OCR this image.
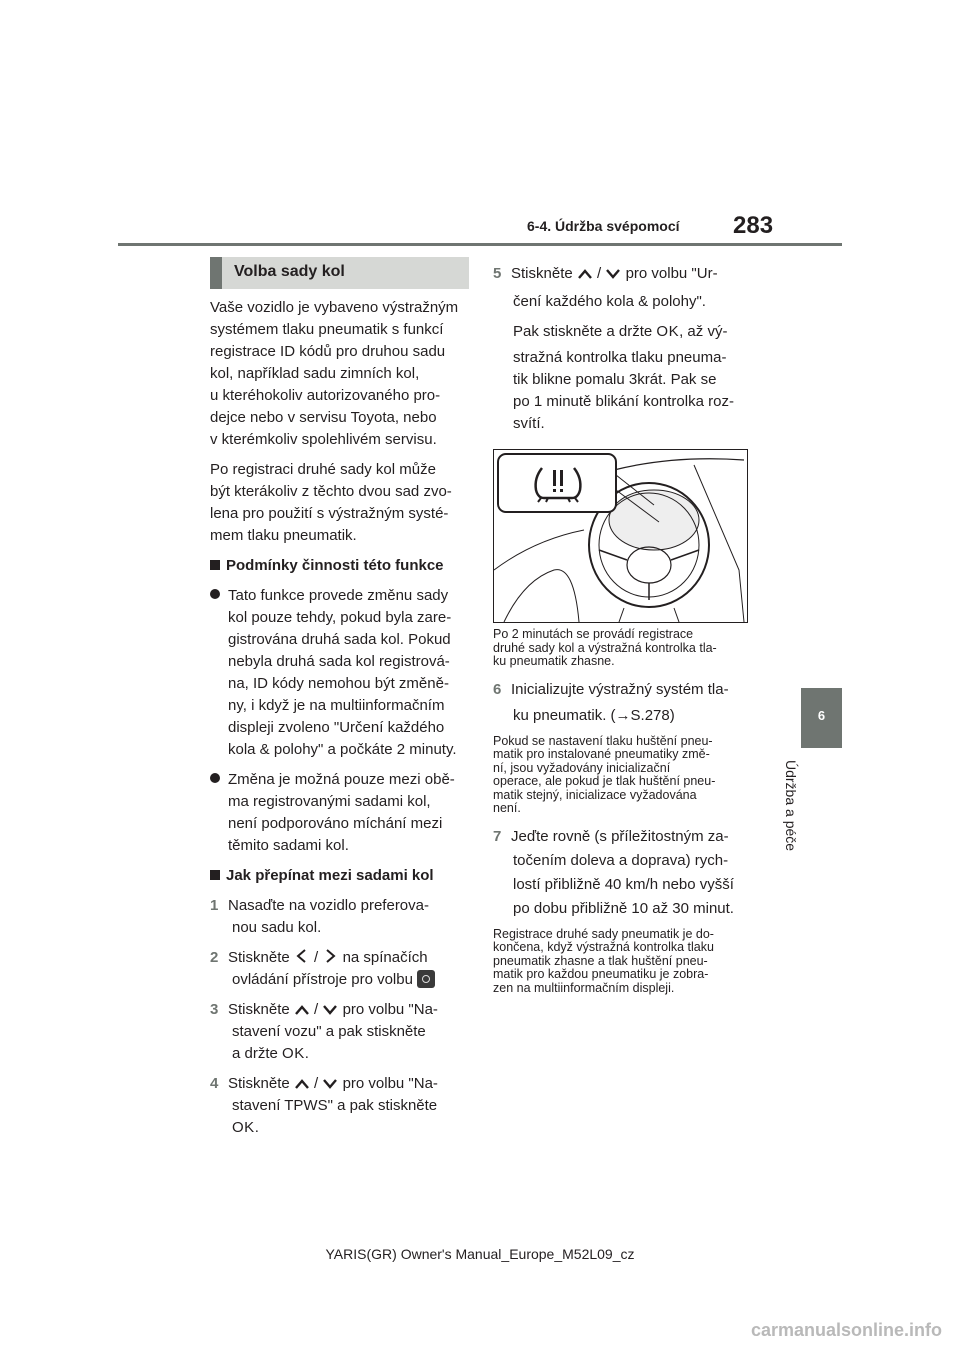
6-4. Údržba svépomocí 283
6
Údržba a péče
Volba sady kol

Vaše vozidlo je vybaveno výstražným

systémem tlaku pneumatik s funkcí

registrace ID kódů pro druhou sadu

kol, například sadu zimních kol,

u kteréhokoliv autorizovaného pro-

dejce nebo v servisu Toyota, nebo

v kterémkoliv spolehlivém servisu.

Po registraci druhé sady kol může

být kterákoliv z těchto dvou sad zvo-

lena pro použití s výstražným systé-

mem tlaku pneumatik.

Podmínky činnosti této funkce

Tato funkce provede změnu sady

kol pouze tehdy, pokud byla zare-

gistrována druhá sada kol. Pokud

nebyla druhá sada kol registrová-

na, ID kódy nemohou být změně-

ny, i když je na multiinformačním

displeji zvoleno "Určení každého

kola & polohy" a počkáte 2 minuty.

Změna je možná pouze mezi obě-

ma registrovanými sadami kol,

není podporováno míchání mezi

těmito sadami kol.

Jak přepínat mezi sadami kol

1 Nasaďte na vozidlo preferova-

nou sadu kol.

2 Stiskněte / na spínačích

ovládání přístroje pro volbu

3 Stiskněte / pro volbu "Na-

stavení vozu" a pak stiskněte

a držte OK.

4 Stiskněte / pro volbu "Na-

stavení TPWS" a pak stiskněte

OK.

5 Stiskněte / pro volbu "Ur-

čení každého kola & polohy".

Pak stiskněte a držte OK, až vý-

stražná kontrolka tlaku pneuma-

tik blikne pomalu 3krát. Pak se

po 1 minutě blikání kontrolka roz-

svítí.

Po 2 minutách se provádí registrace

druhé sady kol a výstražná kontrolka tla-

ku pneumatik zhasne.

6 Inicializujte výstražný systém tla-

ku pneumatik. (→S.278)

Pokud se nastavení tlaku huštění pneu-

matik pro instalované pneumatiky změ-

ní, jsou vyžadovány inicializační

operace, ale pokud je tlak huštění pneu-

matik stejný, inicializace vyžadována

není.

7 Jeďte rovně (s příležitostným za-

točením doleva a doprava) rych-

lostí přibližně 40 km/h nebo vyšší

po dobu přibližně 10 až 30 minut.

Registrace druhé sady pneumatik je do-

končena, když výstražná kontrolka tlaku

pneumatik zhasne a tlak huštění pneu-

matik pro každou pneumatiku je zobra-

zen na multiinformačním displeji.

YARIS(GR) Owner's Manual_Europe_M52L09_cz
carmanualsonline.info
